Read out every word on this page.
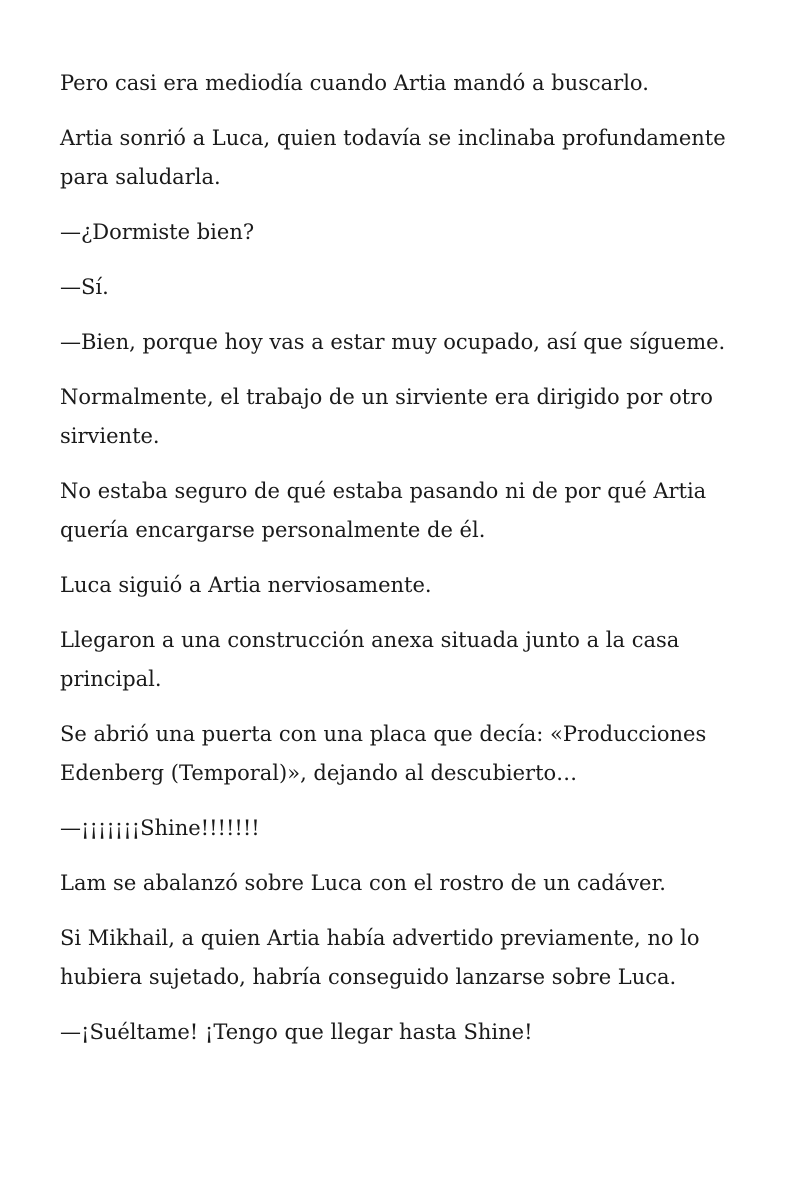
Pero casi era mediodía cuando Artia mandó a buscarlo.

Artia sonrió a Luca, quien todavía se inclinaba profundamente para saludarla.

—¿Dormiste bien?

—Sí.

—Bien, porque hoy vas a estar muy ocupado, así que sígueme.

Normalmente, el trabajo de un sirviente era dirigido por otro sirviente.

No estaba seguro de qué estaba pasando ni de por qué Artia quería encargarse personalmente de él.

Luca siguió a Artia nerviosamente.

Llegaron a una construcción anexa situada junto a la casa principal.

Se abrió una puerta con una placa que decía: «Producciones Edenberg (Temporal)», dejando al descubierto…

—¡¡¡¡¡¡¡Shine!!!!!!!

Lam se abalanzó sobre Luca con el rostro de un cadáver.

Si Mikhail, a quien Artia había advertido previamente, no lo hubiera sujetado, habría conseguido lanzarse sobre Luca.

—¡Suéltame! ¡Tengo que llegar hasta Shine!
